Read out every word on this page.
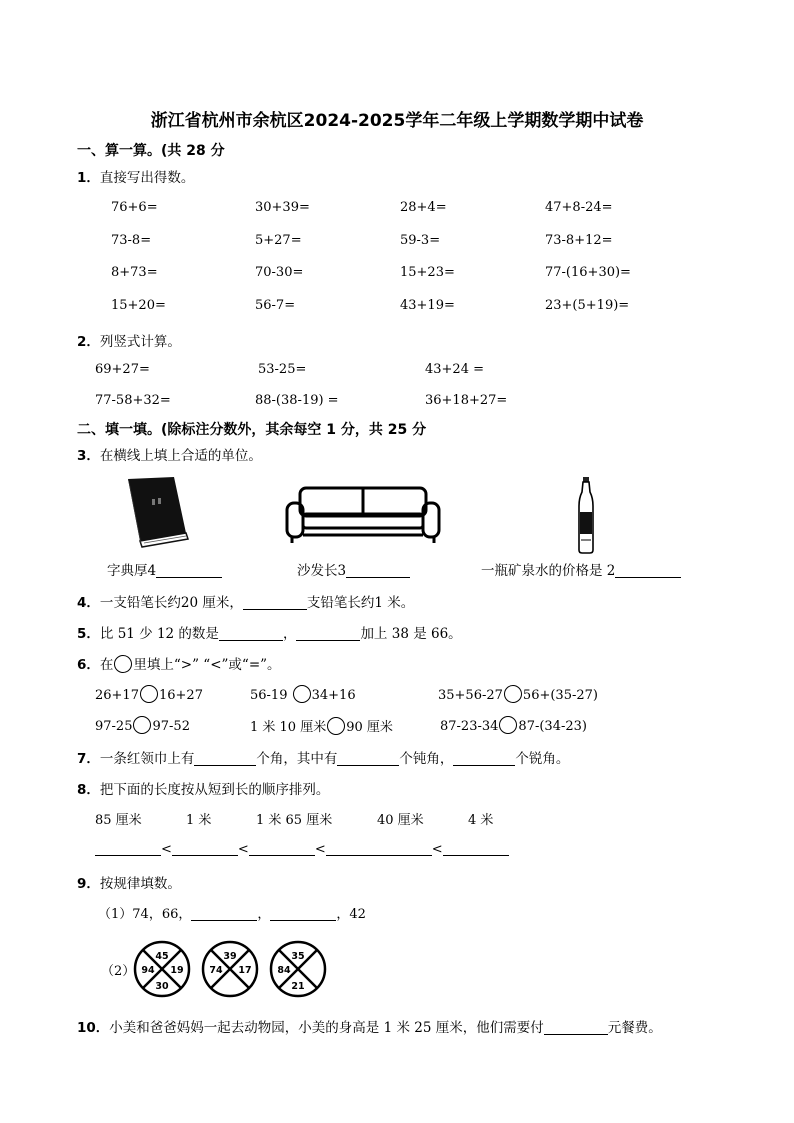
浙江省杭州市余杭区2024-2025学年二年级上学期数学期中试卷
一、算一算。(共 28 分
1．直接写出得数。
76+6=	30+39=	28+4=	47+8-24=
73-8=	5+27=	59-3=	73-8+12=
8+73=	70-30=	15+23=	77-(16+30)=
15+20=	56-7=	43+19=	23+(5+19)=
2．列竖式计算。
69+27=	53-25=	43+24 =
77-58+32=	88-(38-19) =	36+18+27=
二、填一填。(除标注分数外，其余每空 1 分，共 25 分
3．在横线上填上合适的单位。
字典厚4	沙发长3	一瓶矿泉水的价格是 2
4．一支铅笔长约20 厘米，	支铅笔长约1 米。
5．比 51 少 12 的数是	，	加上 38 是 66。
6．在 里填上“>” “<”或“=”。
26+17 16+27	56-19 34+16	35+56-27 56+(35-27)
97-25 97-52	1 米 10 厘米 90 厘米	87-23-34 87-(34-23)
7．一条红领巾上有	个角，其中有	个钝角，	个锐角。
8．把下面的长度按从短到长的顺序排列。
85 厘米	1 米	1 米 65 厘米	40 厘米	4 米
<	<	<	<
9．按规律填数。
（1）74，66，	，	，42
（2）
45
94 19
30
39
74 17
35
84
21
10．小美和爸爸妈妈一起去动物园，小美的身高是 1 米 25 厘米，他们需要付	元餐费。
